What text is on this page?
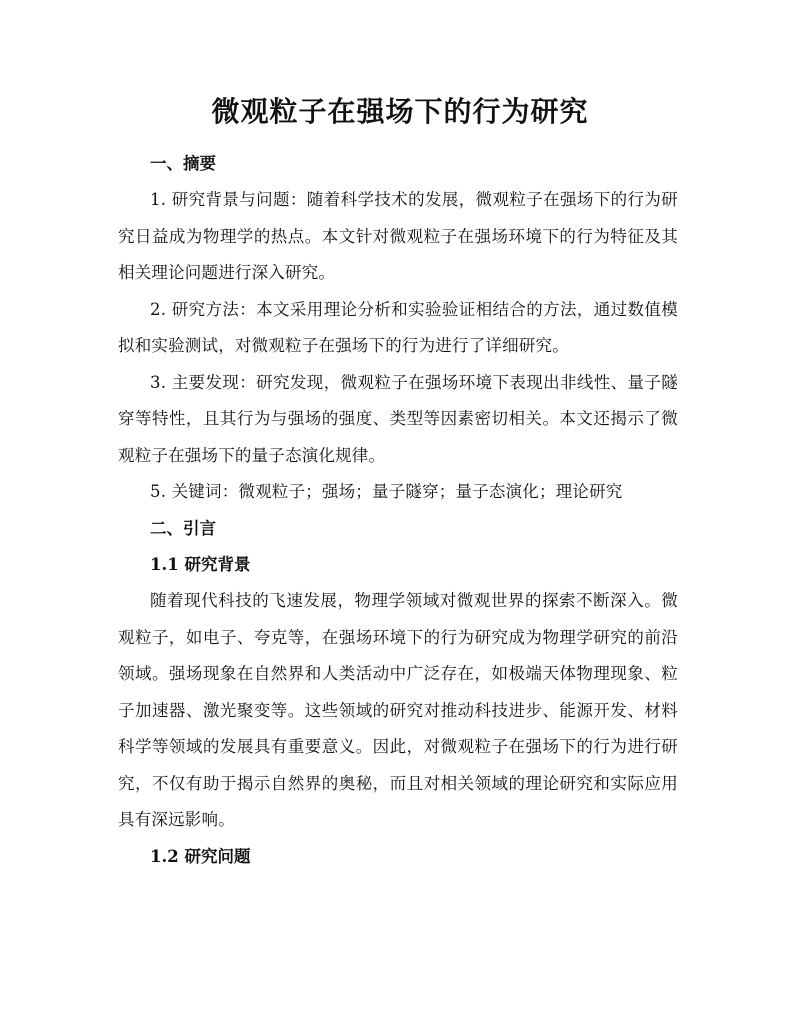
微观粒子在强场下的行为研究
一、摘要

1. 研究背景与问题：随着科学技术的发展，微观粒子在强场下的行为研究日益成为物理学的热点。本文针对微观粒子在强场环境下的行为特征及其相关理论问题进行深入研究。

2. 研究方法：本文采用理论分析和实验验证相结合的方法，通过数值模拟和实验测试，对微观粒子在强场下的行为进行了详细研究。

3. 主要发现：研究发现，微观粒子在强场环境下表现出非线性、量子隧穿等特性，且其行为与强场的强度、类型等因素密切相关。本文还揭示了微观粒子在强场下的量子态演化规律。

5. 关键词：微观粒子；强场；量子隧穿；量子态演化；理论研究

二、引言
1.1 研究背景

随着现代科技的飞速发展，物理学领域对微观世界的探索不断深入。微观粒子，如电子、夸克等，在强场环境下的行为研究成为物理学研究的前沿领域。强场现象在自然界和人类活动中广泛存在，如极端天体物理现象、粒子加速器、激光聚变等。这些领域的研究对推动科技进步、能源开发、材料科学等领域的发展具有重要意义。因此，对微观粒子在强场下的行为进行研究，不仅有助于揭示自然界的奥秘，而且对相关领域的理论研究和实际应用具有深远影响。

1.2 研究问题
